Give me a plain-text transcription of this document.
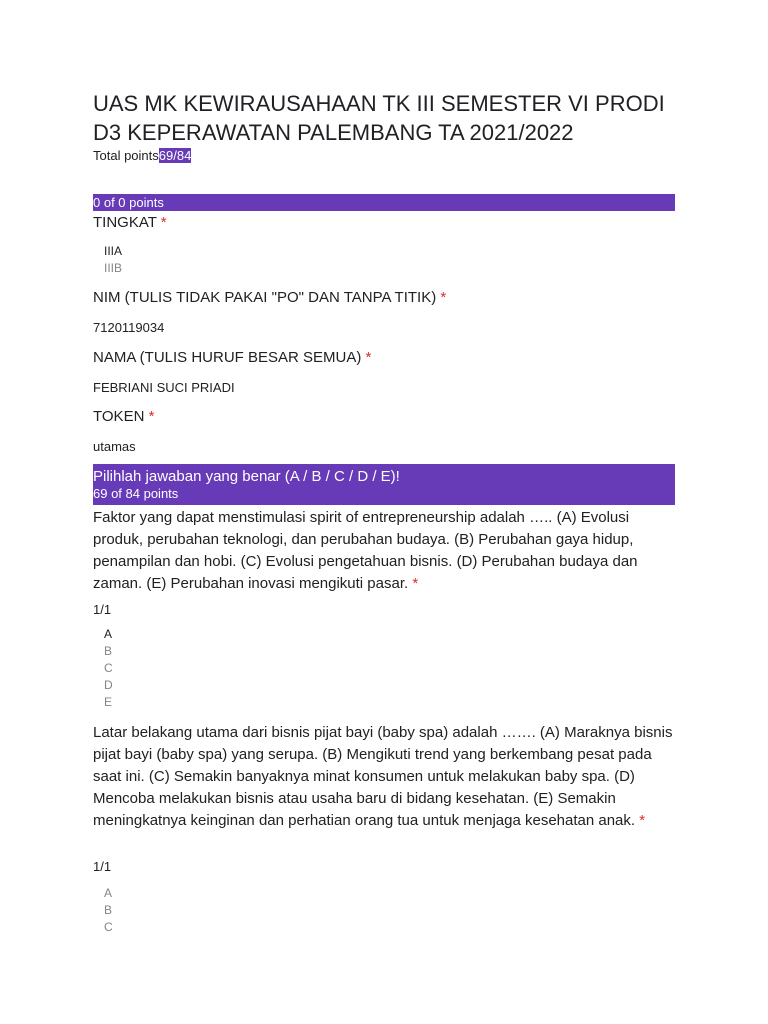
UAS MK KEWIRAUSAHAAN TK III SEMESTER VI PRODI D3 KEPERAWATAN PALEMBANG TA 2021/2022
Total points69/84
0 of 0 points
TINGKAT *
IIIA
IIIB
NIM (TULIS TIDAK PAKAI "PO" DAN TANPA TITIK) *
7120119034
NAMA (TULIS HURUF BESAR SEMUA) *
FEBRIANI SUCI PRIADI
TOKEN *
utamas
Pilihlah jawaban yang benar (A / B / C / D / E)!
69 of 84 points
Faktor yang dapat menstimulasi spirit of entrepreneurship adalah ….. (A) Evolusi produk, perubahan teknologi, dan perubahan budaya. (B) Perubahan gaya hidup, penampilan dan hobi. (C) Evolusi pengetahuan bisnis. (D) Perubahan budaya dan zaman. (E) Perubahan inovasi mengikuti pasar. *
1/1
A
B
C
D
E
Latar belakang utama dari bisnis pijat bayi (baby spa) adalah ……. (A) Maraknya bisnis pijat bayi (baby spa) yang serupa. (B) Mengikuti trend yang berkembang pesat pada saat ini. (C) Semakin banyaknya minat konsumen untuk melakukan baby spa. (D) Mencoba melakukan bisnis atau usaha baru di bidang kesehatan. (E) Semakin meningkatnya keinginan dan perhatian orang tua untuk menjaga kesehatan anak. *
1/1
A
B
C
